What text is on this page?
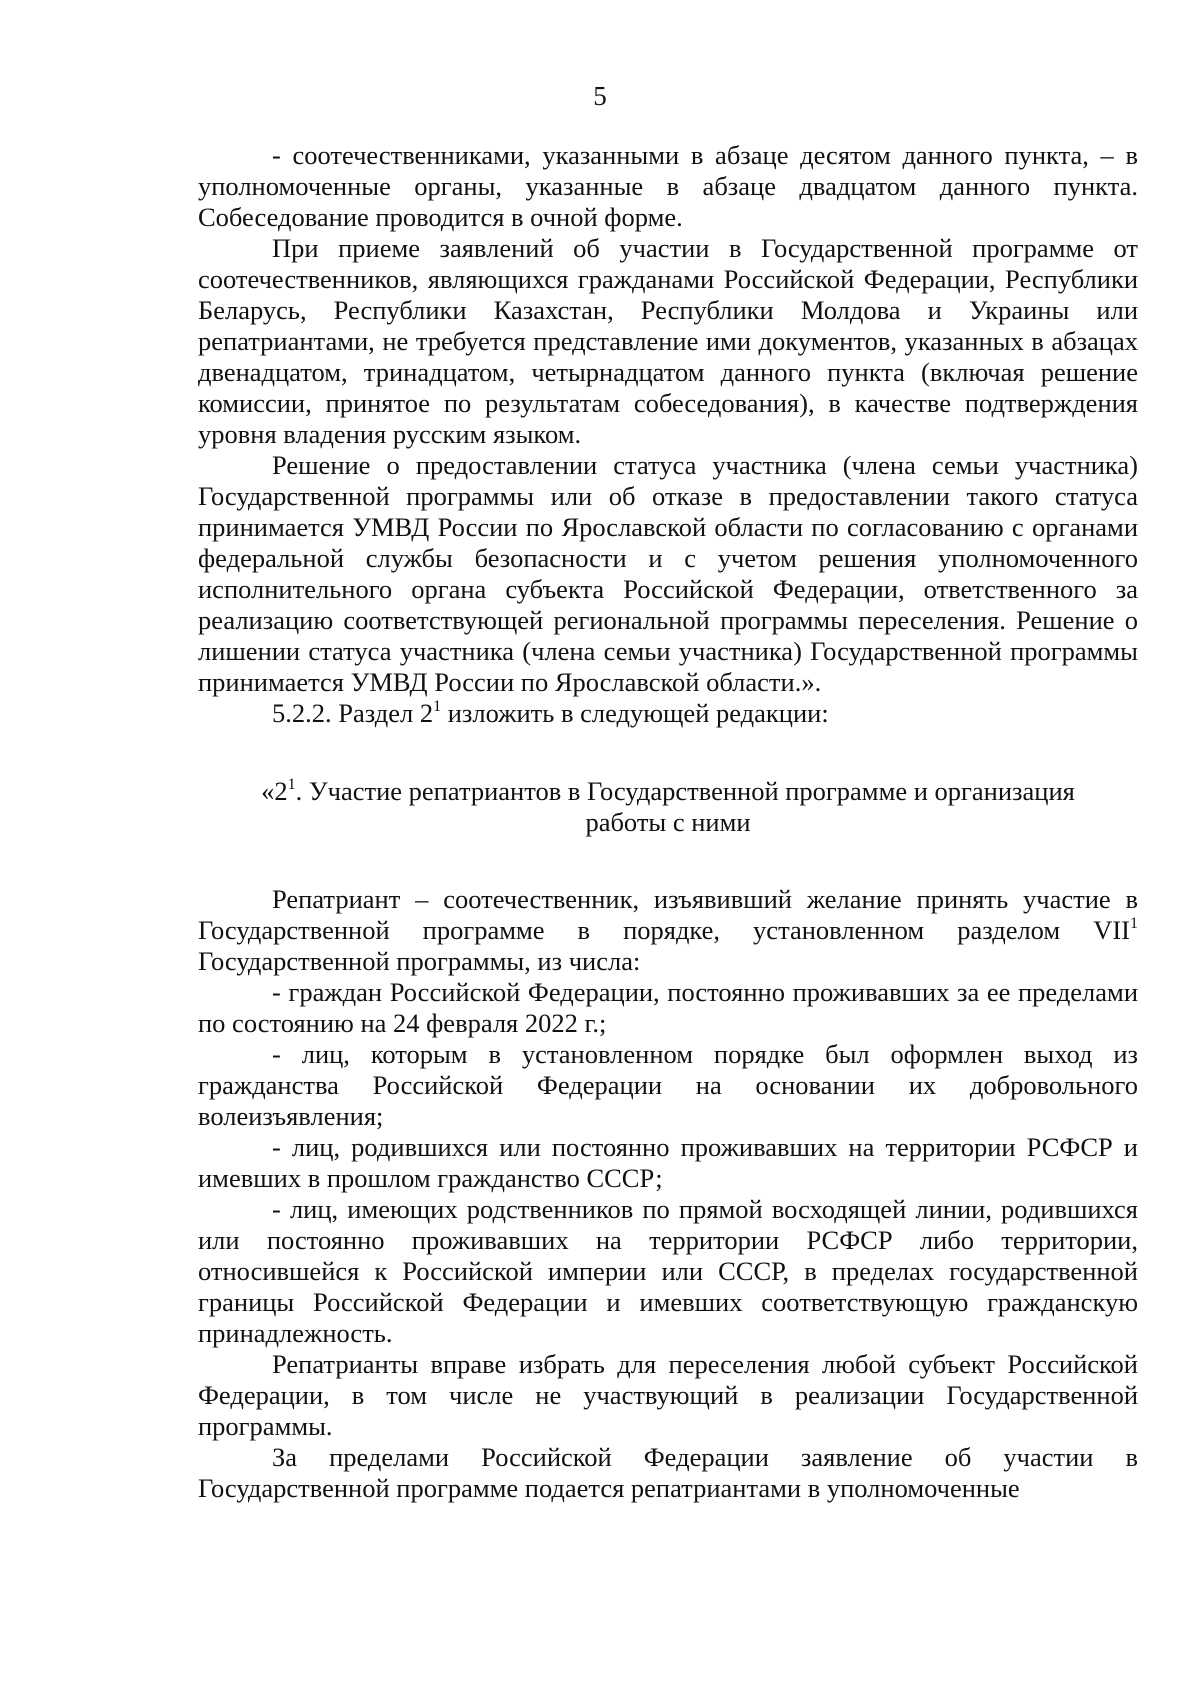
5

- соотечественниками, указанными в абзаце десятом данного пункта, – в уполномоченные органы, указанные в абзаце двадцатом данного пункта. Собеседование проводится в очной форме.

При приеме заявлений об участии в Государственной программе от соотечественников, являющихся гражданами Российской Федерации, Республики Беларусь, Республики Казахстан, Республики Молдова и Украины или репатриантами, не требуется представление ими документов, указанных в абзацах двенадцатом, тринадцатом, четырнадцатом данного пункта (включая решение комиссии, принятое по результатам собеседования), в качестве подтверждения уровня владения русским языком.

Решение о предоставлении статуса участника (члена семьи участника) Государственной программы или об отказе в предоставлении такого статуса принимается УМВД России по Ярославской области по согласованию с органами федеральной службы безопасности и с учетом решения уполномоченного исполнительного органа субъекта Российской Федерации, ответственного за реализацию соответствующей региональной программы переселения. Решение о лишении статуса участника (члена семьи участника) Государственной программы принимается УМВД России по Ярославской области.».

5.2.2. Раздел $2^1$ изложить в следующей редакции:

«$2^1$. Участие репатриантов в Государственной программе и организация работы с ними

Репатриант – соотечественник, изъявивший желание принять участие в Государственной программе в порядке, установленном разделом VII$^1$ Государственной программы, из числа:

- граждан Российской Федерации, постоянно проживавших за ее пределами по состоянию на 24 февраля 2022 г.;

- лиц, которым в установленном порядке был оформлен выход из гражданства Российской Федерации на основании их добровольного волеизъявления;

- лиц, родившихся или постоянно проживавших на территории РСФСР и имевших в прошлом гражданство СССР;

- лиц, имеющих родственников по прямой восходящей линии, родившихся или постоянно проживавших на территории РСФСР либо территории, относившейся к Российской империи или СССР, в пределах государственной границы Российской Федерации и имевших соответствующую гражданскую принадлежность.

Репатрианты вправе избрать для переселения любой субъект Российской Федерации, в том числе не участвующий в реализации Государственной программы.

За пределами Российской Федерации заявление об участии в Государственной программе подается репатриантами в уполномоченные
